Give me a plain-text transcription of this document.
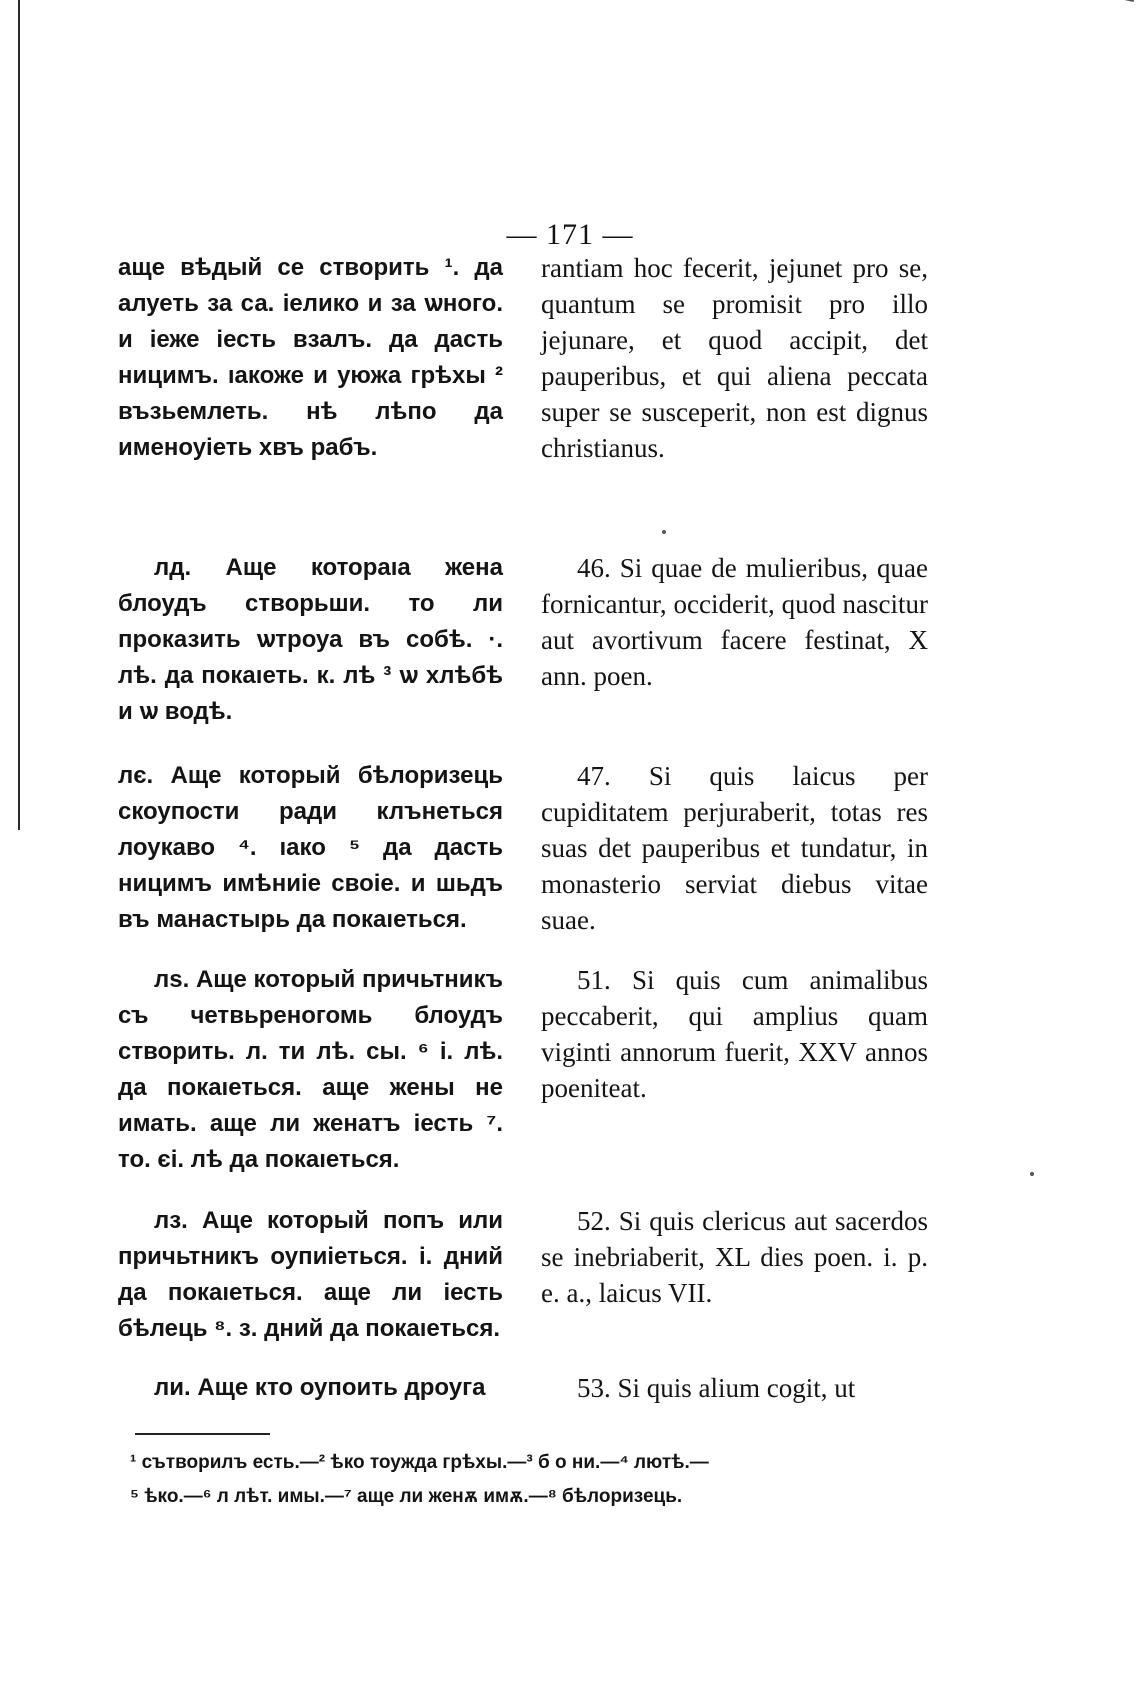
— 171 —
аще вѣдый се створить ¹. да алуеть за са. іелико и за ѡного. и іеже іесть взалъ. да дасть ницимъ. ıакоже и уюжа грѣхы ² възьемлеть. нѣ лѣпо да именоуіеть хвъ рабъ.
rantiam hoc fecerit, jejunet pro se, quantum se promisit pro illo jejunare, et quod accipit, det pauperibus, et qui aliena peccata super se susceperit, non est dignus christianus.
лд. Аще котораıа жена блоудъ створьши. то ли проказить ѡтроуа въ собѣ. ·. лѣ. да покаıеть. к. лѣ ³ ѡ хлѣбѣ и ѡ водѣ.
46. Si quae de mulieribus, quae fornicantur, occiderit, quod nascitur aut avortivum facere festinat, X ann. poen.
лє. Аще который бѣлоризець скоупости ради клънеться лоукаво ⁴. ıако ⁵ да дасть ницимъ имѣниіе своіе. и шьдъ въ манастырь да покаıеться.
47. Si quis laicus per cupiditatem perjuraberit, totas res suas det pauperibus et tundatur, in monasterio serviat diebus vitae suae.
лѕ. Аще который причьтникъ съ четвьреногомь блоудъ створить. л. ти лѣ. сы. ⁶ і. лѣ. да покаıеться. аще жены не имать. аще ли женатъ іесть ⁷. то. єі. лѣ да покаıеться.
51. Si quis cum animalibus peccaberit, qui amplius quam viginti annorum fuerit, XXV annos poeniteat.
лз. Аще который попъ или причьтникъ оупиіеться. і. дний да покаıеться. аще ли іесть бѣлець ⁸. з. дний да покаıеться.
52. Si quis clericus aut sacerdos se inebriaberit, XL dies poen. i. p. e. a., laicus VII.
ли. Аще кто оупоить дроуга	53. Si quis alium cogit, ut
¹ сътворилъ есть.—² ѣко тоужда грѣхы.—³ б о ни.—⁴ лютѣ.—
⁵ ѣко.—⁶ л лѣт. имы.—⁷ аще ли женѫ имѫ.—⁸ бѣлоризець.
